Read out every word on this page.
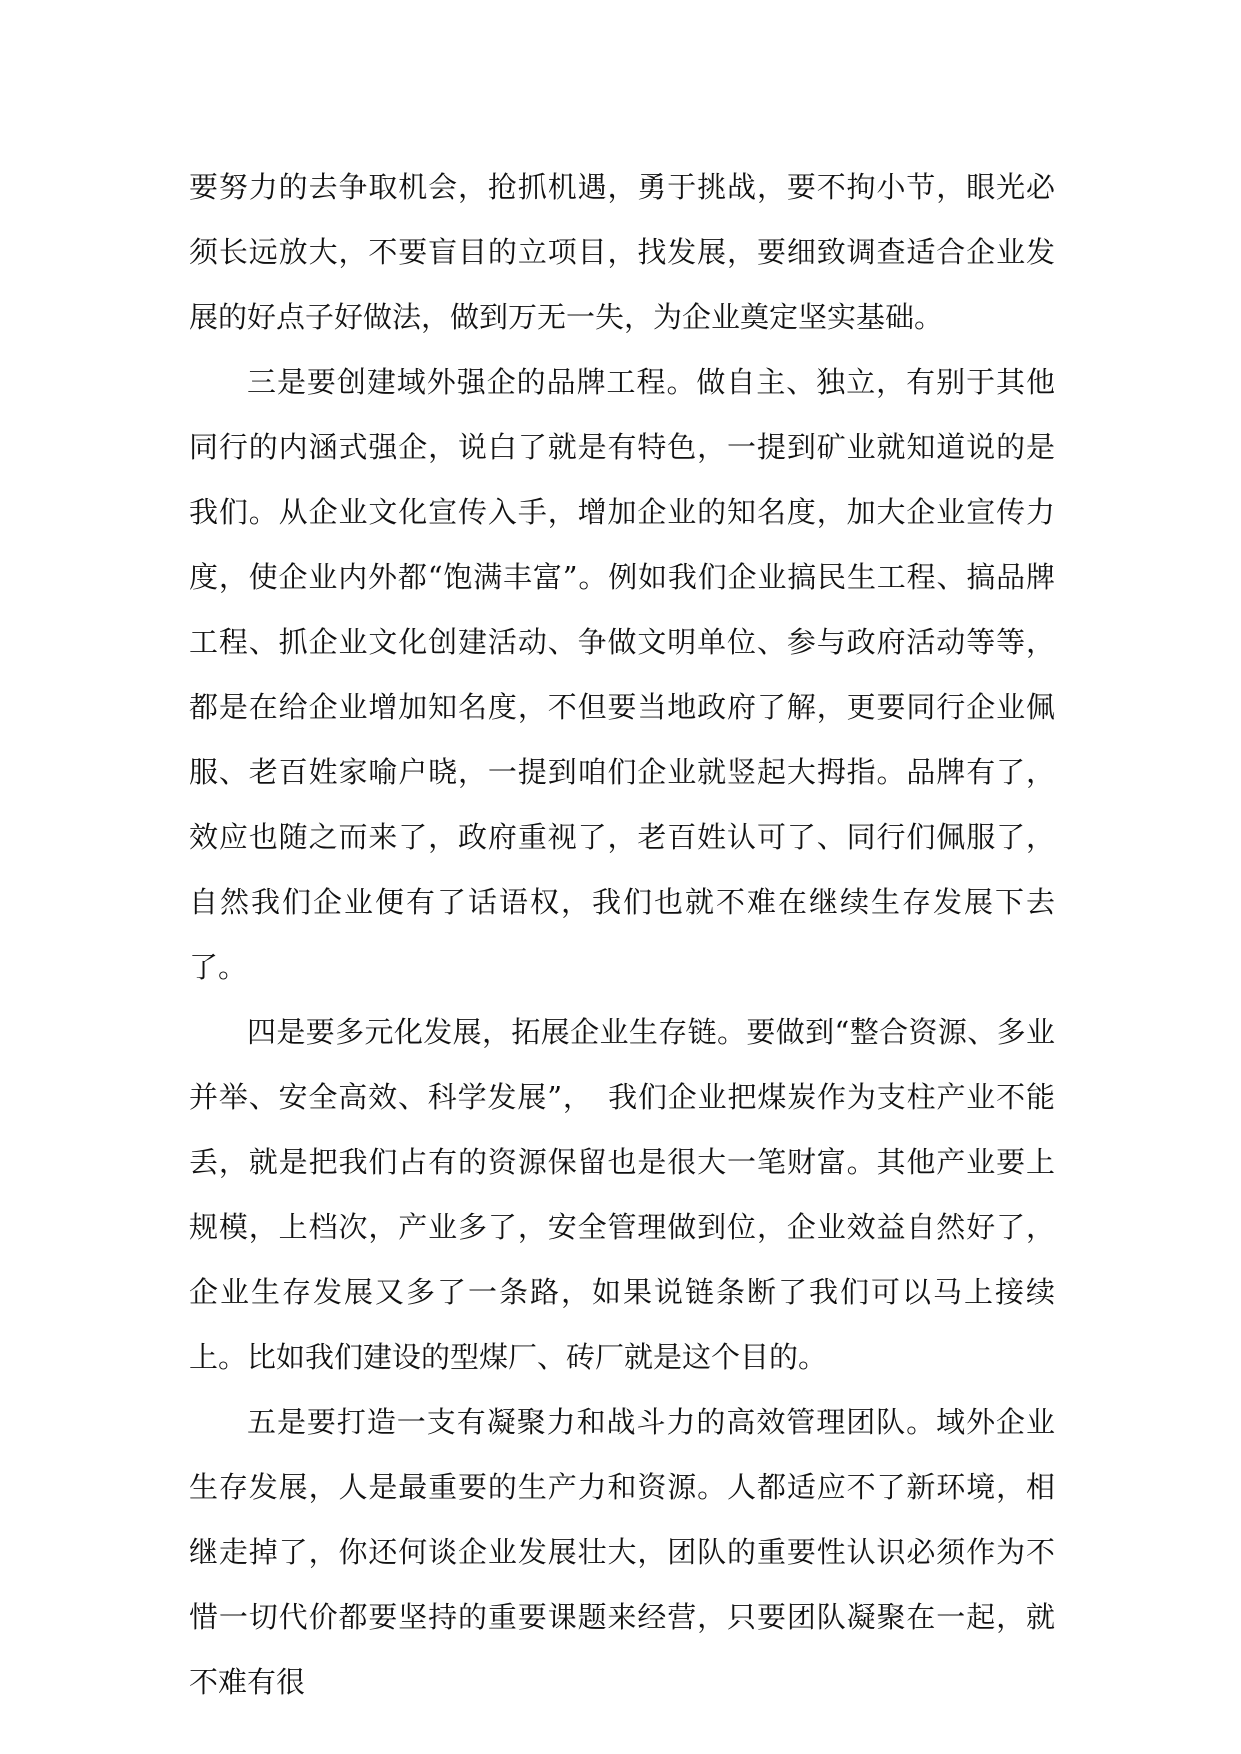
要努力的去争取机会，抢抓机遇，勇于挑战，要不拘小节，眼光必须长远放大，不要盲目的立项目，找发展，要细致调查适合企业发展的好点子好做法，做到万无一失，为企业奠定坚实基础。

三是要创建域外强企的品牌工程。做自主、独立，有别于其他同行的内涵式强企，说白了就是有特色，一提到矿业就知道说的是我们。从企业文化宣传入手，增加企业的知名度，加大企业宣传力度，使企业内外都“饱满丰富”。例如我们企业搞民生工程、搞品牌工程、抓企业文化创建活动、争做文明单位、参与政府活动等等，都是在给企业增加知名度，不但要当地政府了解，更要同行企业佩服、老百姓家喻户晓，一提到咱们企业就竖起大拇指。品牌有了，效应也随之而来了，政府重视了，老百姓认可了、同行们佩服了，自然我们企业便有了话语权，我们也就不难在继续生存发展下去了。

四是要多元化发展，拓展企业生存链。要做到“整合资源、多业并举、安全高效、科学发展”，　我们企业把煤炭作为支柱产业不能丢，就是把我们占有的资源保留也是很大一笔财富。其他产业要上规模，上档次，产业多了，安全管理做到位，企业效益自然好了，企业生存发展又多了一条路，如果说链条断了我们可以马上接续上。比如我们建设的型煤厂、砖厂就是这个目的。

五是要打造一支有凝聚力和战斗力的高效管理团队。域外企业生存发展，人是最重要的生产力和资源。人都适应不了新环境，相继走掉了，你还何谈企业发展壮大，团队的重要性认识必须作为不惜一切代价都要坚持的重要课题来经营，只要团队凝聚在一起，就不难有很
